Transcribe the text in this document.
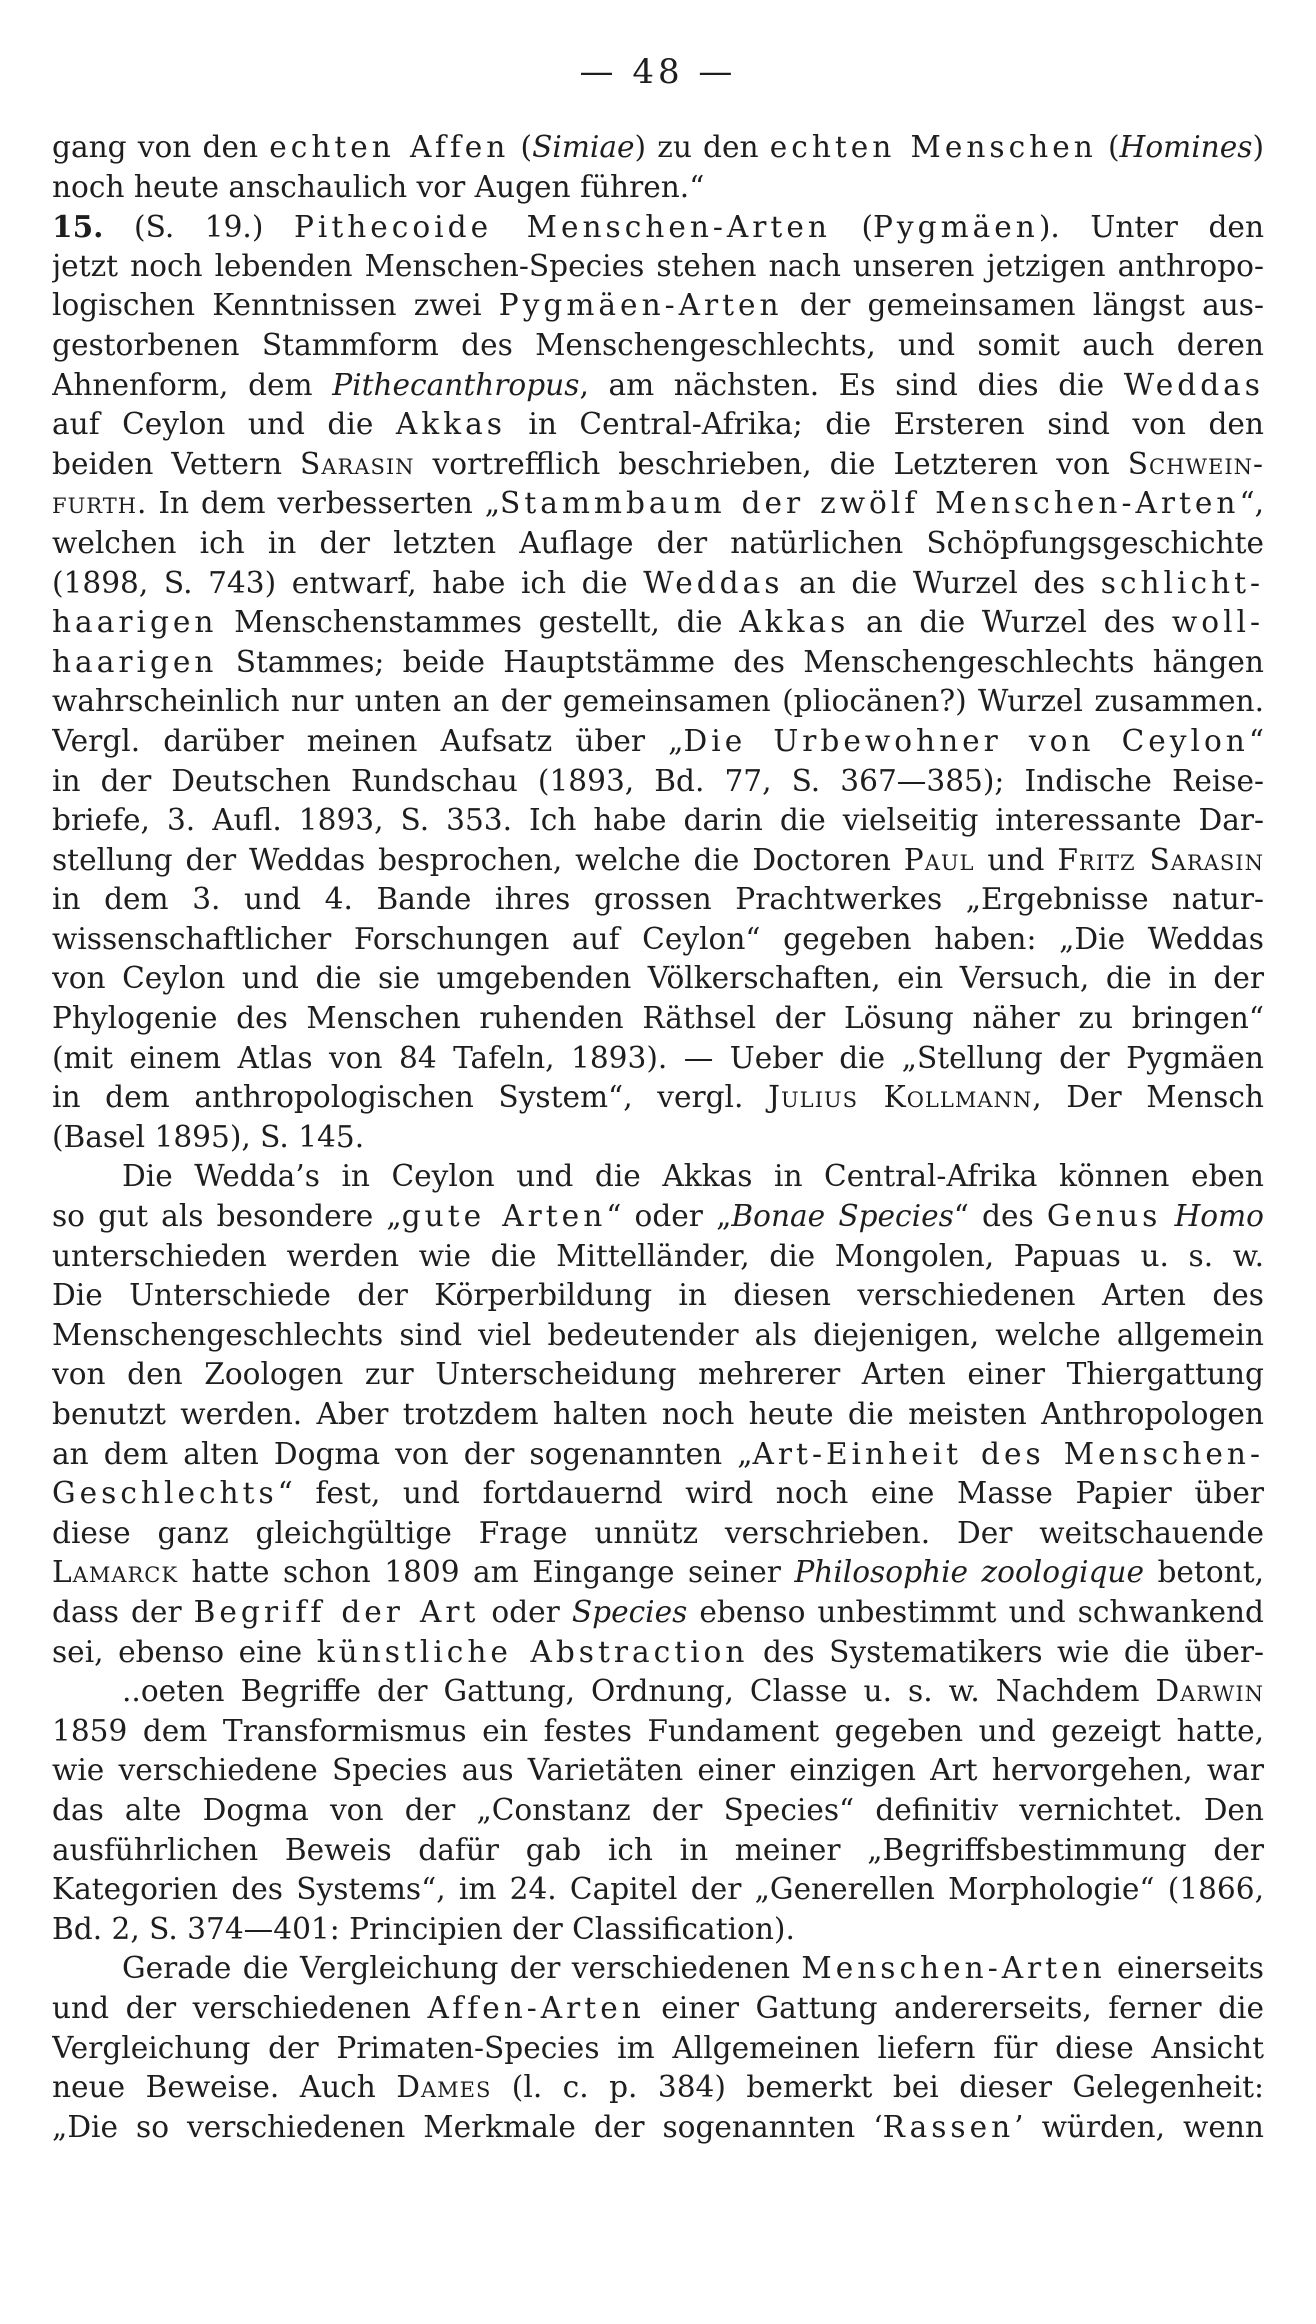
— 48 —
gang von den echten Affen (Simiae) zu den echten Menschen (Homines)
noch heute anschaulich vor Augen führen.“
15. (S. 19.) Pithecoide Menschen-Arten (Pygmäen). Unter den
jetzt noch lebenden Menschen-Species stehen nach unseren jetzigen anthropo-
logischen Kenntnissen zwei Pygmäen-Arten der gemeinsamen längst aus-
gestorbenen Stammform des Menschengeschlechts, und somit auch deren
Ahnenform, dem Pithecanthropus, am nächsten. Es sind dies die Weddas
auf Ceylon und die Akkas in Central-Afrika; die Ersteren sind von den
beiden Vettern Sarasin vortrefflich beschrieben, die Letzteren von Schwein-
furth. In dem verbesserten „Stammbaum der zwölf Menschen-Arten“,
welchen ich in der letzten Auflage der natürlichen Schöpfungsgeschichte
(1898, S. 743) entwarf, habe ich die Weddas an die Wurzel des schlicht-
haarigen Menschenstammes gestellt, die Akkas an die Wurzel des woll-
haarigen Stammes; beide Hauptstämme des Menschengeschlechts hängen
wahrscheinlich nur unten an der gemeinsamen (pliocänen?) Wurzel zusammen.
Vergl. darüber meinen Aufsatz über „Die Urbewohner von Ceylon“
in der Deutschen Rundschau (1893, Bd. 77, S. 367—385); Indische Reise-
briefe, 3. Aufl. 1893, S. 353. Ich habe darin die vielseitig interessante Dar-
stellung der Weddas besprochen, welche die Doctoren Paul und Fritz Sarasin
in dem 3. und 4. Bande ihres grossen Prachtwerkes „Ergebnisse natur-
wissenschaftlicher Forschungen auf Ceylon“ gegeben haben: „Die Weddas
von Ceylon und die sie umgebenden Völkerschaften, ein Versuch, die in der
Phylogenie des Menschen ruhenden Räthsel der Lösung näher zu bringen“
(mit einem Atlas von 84 Tafeln, 1893). — Ueber die „Stellung der Pygmäen
in dem anthropologischen System“, vergl. Julius Kollmann, Der Mensch
(Basel 1895), S. 145.
Die Wedda’s in Ceylon und die Akkas in Central-Afrika können eben
so gut als besondere „gute Arten“ oder „Bonae Species“ des Genus Homo
unterschieden werden wie die Mittelländer, die Mongolen, Papuas u. s. w.
Die Unterschiede der Körperbildung in diesen verschiedenen Arten des
Menschengeschlechts sind viel bedeutender als diejenigen, welche allgemein
von den Zoologen zur Unterscheidung mehrerer Arten einer Thiergattung
benutzt werden. Aber trotzdem halten noch heute die meisten Anthropologen
an dem alten Dogma von der sogenannten „Art-Einheit des Menschen-
Geschlechts“ fest, und fortdauernd wird noch eine Masse Papier über
diese ganz gleichgültige Frage unnütz verschrieben. Der weitschauende
Lamarck hatte schon 1809 am Eingange seiner Philosophie zoologique betont,
dass der Begriff der Art oder Species ebenso unbestimmt und schwankend
sei, ebenso eine künstliche Abstraction des Systematikers wie die über-
..oeten Begriffe der Gattung, Ordnung, Classe u. s. w. Nachdem Darwin
1859 dem Transformismus ein festes Fundament gegeben und gezeigt hatte,
wie verschiedene Species aus Varietäten einer einzigen Art hervorgehen, war
das alte Dogma von der „Constanz der Species“ definitiv vernichtet. Den
ausführlichen Beweis dafür gab ich in meiner „Begriffsbestimmung der
Kategorien des Systems“, im 24. Capitel der „Generellen Morphologie“ (1866,
Bd. 2, S. 374—401: Principien der Classification).
Gerade die Vergleichung der verschiedenen Menschen-Arten einerseits
und der verschiedenen Affen-Arten einer Gattung andererseits, ferner die
Vergleichung der Primaten-Species im Allgemeinen liefern für diese Ansicht
neue Beweise. Auch Dames (l. c. p. 384) bemerkt bei dieser Gelegenheit:
„Die so verschiedenen Merkmale der sogenannten ‘Rassen’ würden, wenn
